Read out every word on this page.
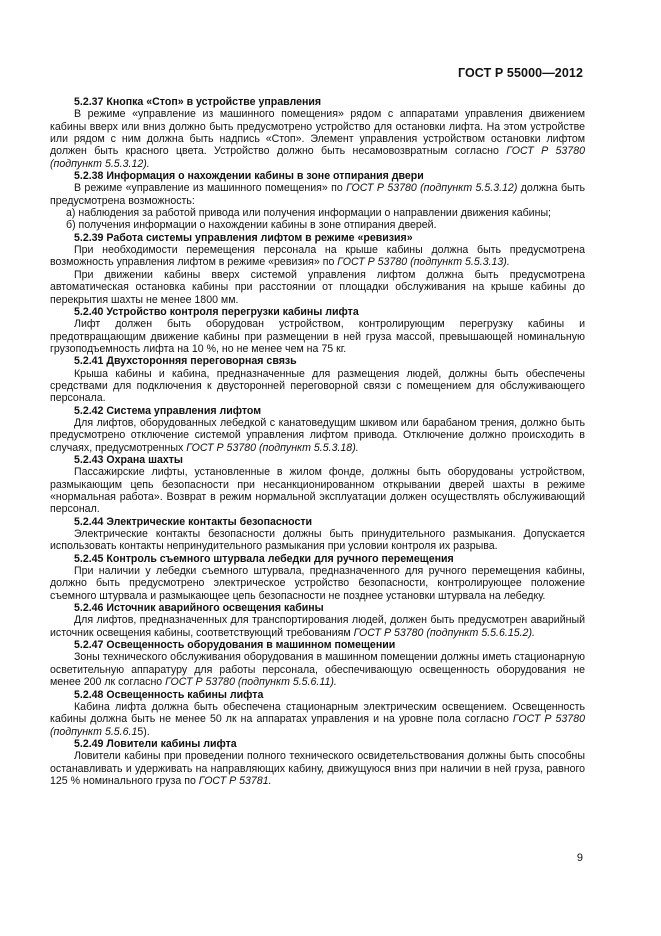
ГОСТ Р 55000—2012

5.2.37 Кнопка «Стоп» в устройстве управления

В режиме «управление из машинного помещения» рядом с аппаратами управления движением кабины вверх или вниз должно быть предусмотрено устройство для остановки лифта. На этом устройстве или рядом с ним должна быть надпись «Стоп». Элемент управления устройством остановки лифтом должен быть красного цвета. Устройство должно быть несамовозвратным согласно ГОСТ Р 53780 (подпункт 5.5.3.12).

5.2.38 Информация о нахождении кабины в зоне отпирания двери

В режиме «управление из машинного помещения» по ГОСТ Р 53780 (подпункт 5.5.3.12) должна быть предусмотрена возможность:

а) наблюдения за работой привода или получения информации о направлении движения кабины;

б) получения информации о нахождении кабины в зоне отпирания дверей.

5.2.39 Работа системы управления лифтом в режиме «ревизия»

При необходимости перемещения персонала на крыше кабины должна быть предусмотрена возможность управления лифтом в режиме «ревизия» по ГОСТ Р 53780 (подпункт 5.5.3.13).

При движении кабины вверх системой управления лифтом должна быть предусмотрена автоматическая остановка кабины при расстоянии от площадки обслуживания на крыше кабины до перекрытия шахты не менее 1800 мм.

5.2.40 Устройство контроля перегрузки кабины лифта

Лифт должен быть оборудован устройством, контролирующим перегрузку кабины и предотвращающим движение кабины при размещении в ней груза массой, превышающей номинальную грузоподъемность лифта на 10 %, но не менее чем на 75 кг.

5.2.41 Двухсторонняя переговорная связь

Крыша кабины и кабина, предназначенные для размещения людей, должны быть обеспечены средствами для подключения к двусторонней переговорной связи с помещением для обслуживающего персонала.

5.2.42 Система управления лифтом

Для лифтов, оборудованных лебедкой с канатоведущим шкивом или барабаном трения, должно быть предусмотрено отключение системой управления лифтом привода. Отключение должно происходить в случаях, предусмотренных ГОСТ Р 53780 (подпункт 5.5.3.18).

5.2.43 Охрана шахты

Пассажирские лифты, установленные в жилом фонде, должны быть оборудованы устройством, размыкающим цепь безопасности при несанкционированном открывании дверей шахты в режиме «нормальная работа». Возврат в режим нормальной эксплуатации должен осуществлять обслуживающий персонал.

5.2.44 Электрические контакты безопасности

Электрические контакты безопасности должны быть принудительного размыкания. Допускается использовать контакты непринудительного размыкания при условии контроля их разрыва.

5.2.45 Контроль съемного штурвала лебедки для ручного перемещения

При наличии у лебедки съемного штурвала, предназначенного для ручного перемещения кабины, должно быть предусмотрено электрическое устройство безопасности, контролирующее положение съемного штурвала и размыкающее цепь безопасности не позднее установки штурвала на лебедку.

5.2.46 Источник аварийного освещения кабины

Для лифтов, предназначенных для транспортирования людей, должен быть предусмотрен аварийный источник освещения кабины, соответствующий требованиям ГОСТ Р 53780 (подпункт 5.5.6.15.2).

5.2.47 Освещенность оборудования в машинном помещении

Зоны технического обслуживания оборудования в машинном помещении должны иметь стационарную осветительную аппаратуру для работы персонала, обеспечивающую освещенность оборудования не менее 200 лк согласно ГОСТ Р 53780 (подпункт 5.5.6.11).

5.2.48 Освещенность кабины лифта

Кабина лифта должна быть обеспечена стационарным электрическим освещением. Освещенность кабины должна быть не менее 50 лк на аппаратах управления и на уровне пола согласно ГОСТ Р 53780 (подпункт 5.5.6.15).

5.2.49 Ловители кабины лифта

Ловители кабины при проведении полного технического освидетельствования должны быть способны останавливать и удерживать на направляющих кабину, движущуюся вниз при наличии в ней груза, равного 125 % номинального груза по ГОСТ Р 53781.

9
